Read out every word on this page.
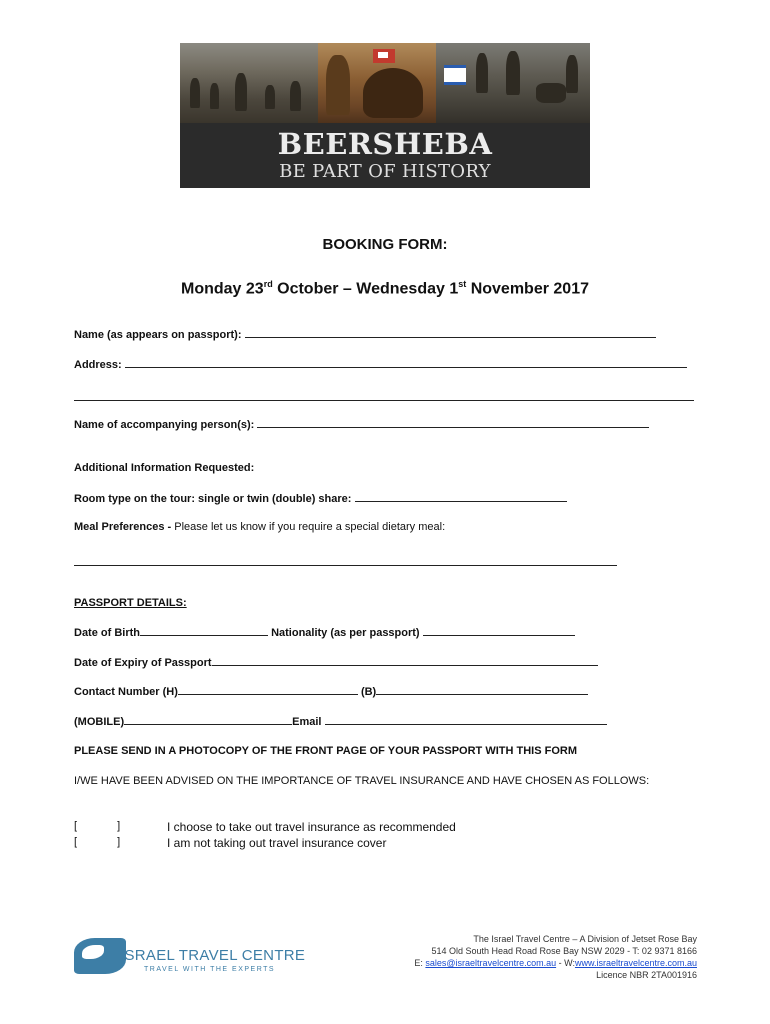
BEERSHEBA
BE PART OF HISTORY
BOOKING FORM:
Monday 23rd October – Wednesday 1st November 2017
Name (as appears on passport):
Address:
Name of accompanying person(s):
Additional Information Requested:
Room type on the tour: single or twin (double) share:
Meal Preferences - Please let us know if you require a special dietary meal:
PASSPORT DETAILS:
Date of Birth	Nationality (as per passport)
Date of Expiry of Passport
Contact Number (H)	(B)
(MOBILE)	Email
PLEASE SEND IN A PHOTOCOPY OF THE FRONT PAGE OF YOUR PASSPORT WITH THIS FORM
I/WE HAVE BEEN ADVISED ON THE IMPORTANCE OF TRAVEL INSURANCE AND HAVE CHOSEN AS FOLLOWS:
[	]	I choose to take out travel insurance as recommended
[	]	I am not taking out travel insurance cover
ISRAEL TRAVEL CENTRE
TRAVEL WITH THE EXPERTS
The Israel Travel Centre – A Division of Jetset Rose Bay
514 Old South Head Road Rose Bay NSW 2029 - T: 02 9371 8166
E: sales@israeltravelcentre.com.au - W:www.israeltravelcentre.com.au
Licence NBR 2TA001916
